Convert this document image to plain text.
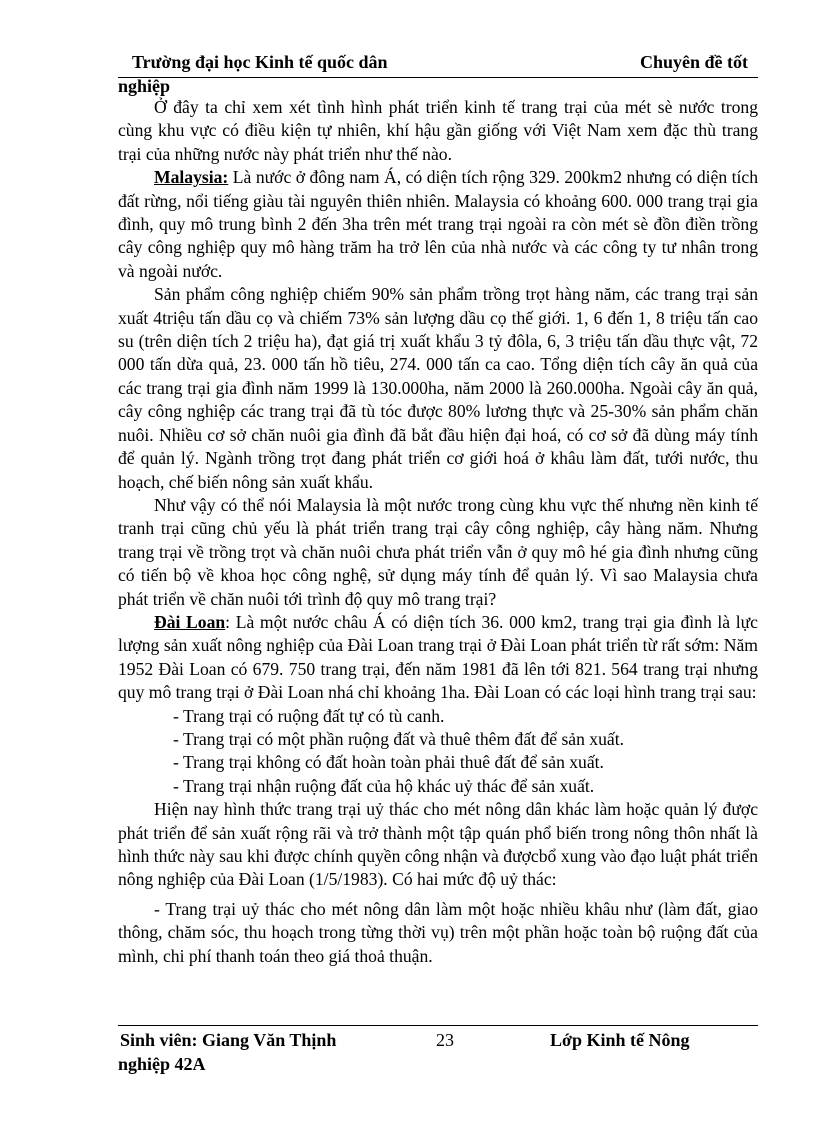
Trường đại học Kinh tế quốc dân	Chuyên đề tốt
nghiệp

Ở đây ta chỉ xem xét tình hình phát triển kinh tế trang trại của mét sè nước trong cùng khu vực có điều kiện tự nhiên, khí hậu gần giống với Việt Nam xem đặc thù trang trại của những nước này phát triển như thế nào.

Malaysia: Là nước ở đông nam Á, có diện tích rộng 329. 200km2 nhưng có diện tích đất rừng, nổi tiếng giàu tài nguyên thiên nhiên. Malaysia có khoảng 600. 000 trang trại gia đình, quy mô trung bình 2 đến 3ha trên mét trang trại ngoài ra còn mét sè đồn điền trồng cây công nghiệp quy mô hàng trăm ha trở lên của nhà nước và các công ty tư nhân trong và ngoài nước.

Sản phẩm công nghiệp chiếm 90% sản phẩm trồng trọt hàng năm, các trang trại sản xuất 4triệu tấn dầu cọ và chiếm 73% sản lượng dầu cọ thế giới. 1, 6 đến 1, 8 triệu tấn cao su (trên diện tích 2 triệu ha), đạt giá trị xuất khẩu 3 tỷ đôla, 6, 3 triệu tấn dầu thực vật, 72 000 tấn dừa quả, 23. 000 tấn hồ tiêu, 274. 000 tấn ca cao. Tổng diện tích cây ăn quả của các trang trại gia đình năm 1999 là 130.000ha, năm 2000 là 260.000ha. Ngoài cây ăn quả, cây công nghiệp các trang trại đã tù tóc được 80% lương thực và 25-30% sản phẩm chăn nuôi. Nhiều cơ sở chăn nuôi gia đình đã bắt đầu hiện đại hoá, có cơ sở đã dùng máy tính để quản lý. Ngành trồng trọt đang phát triển cơ giới hoá ở khâu làm đất, tưới nước, thu hoạch, chế biến nông sản xuất khẩu.

Như vậy có thể nói Malaysia là một nước trong cùng khu vực thế nhưng nền kinh tế tranh trại cũng chủ yếu là phát triển trang trại cây công nghiệp, cây hàng năm. Nhưng trang trại về trồng trọt và chăn nuôi chưa phát triển vẫn ở quy mô hé gia đình nhưng cũng có tiến bộ về khoa học công nghệ, sử dụng máy tính để quản lý. Vì sao Malaysia chưa phát triển về chăn nuôi tới trình độ quy mô trang trại?

Đài Loan: Là một nước châu Á có diện tích 36. 000 km2, trang trại gia đình là lực lượng sản xuất nông nghiệp của Đài Loan trang trại ở Đài Loan phát triển từ rất sớm: Năm 1952 Đài Loan có 679. 750 trang trại, đến năm 1981 đã lên tới 821. 564 trang trại nhưng quy mô trang trại ở Đài Loan nhá chỉ khoảng 1ha. Đài Loan có các loại hình trang trại sau:

- Trang trại có ruộng đất tự có tù canh.

- Trang trại có một phần ruộng đất và thuê thêm đất để sản xuất.

- Trang trại không có đất hoàn toàn phải thuê đất để sản xuất.

- Trang trại nhận ruộng đất của hộ khác uỷ thác để sản xuất.

Hiện nay hình thức trang trại uỷ thác cho mét nông dân khác làm hoặc quản lý được phát triển để sản xuất rộng rãi và trở thành một tập quán phổ biến trong nông thôn nhất là hình thức này sau khi được chính quyền công nhận và đượcbổ xung vào đạo luật phát triển nông nghiệp của Đài Loan (1/5/1983). Có hai mức độ uỷ thác:

- Trang trại uỷ thác cho mét nông dân làm một hoặc nhiều khâu như (làm đất, giao thông, chăm sóc, thu hoạch trong từng thời vụ) trên một phần hoặc toàn bộ ruộng đất của mình, chi phí thanh toán theo giá thoả thuận.

Sinh viên: Giang Văn Thịnh	23	Lớp Kinh tế Nông
nghiệp 42A
